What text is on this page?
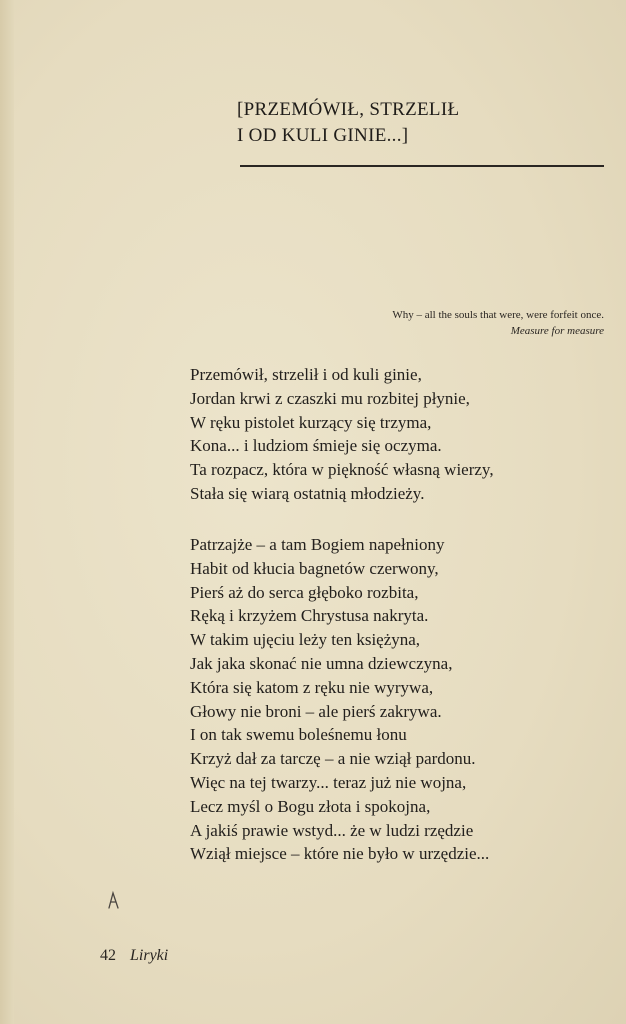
[PRZEMÓWIŁ, STRZELIŁ
I OD KULI GINIE...]
Why – all the souls that were, were forfeit once.
Measure for measure
Przemówił, strzelił i od kuli ginie,
Jordan krwi z czaszki mu rozbitej płynie,
W ręku pistolet kurzący się trzyma,
Kona... i ludziom śmieje się oczyma.
Ta rozpacz, która w piękność własną wierzy,
Stała się wiarą ostatnią młodzieży.
Patrzajże – a tam Bogiem napełniony
Habit od kłucia bagnetów czerwony,
Pierś aż do serca głęboko rozbita,
Ręką i krzyżem Chrystusa nakryta.
W takim ujęciu leży ten księżyna,
Jak jaka skonać nie umna dziewczyna,
Która się katom z ręku nie wyrywa,
Głowy nie broni – ale pierś zakrywa.
I on tak swemu boleśnemu łonu
Krzyż dał za tarczę – a nie wziął pardonu.
Więc na tej twarzy... teraz już nie wojna,
Lecz myśl o Bogu złota i spokojna,
A jakiś prawie wstyd... że w ludzi rzędzie
Wziął miejsce – które nie było w urzędzie...
42 Liryki
